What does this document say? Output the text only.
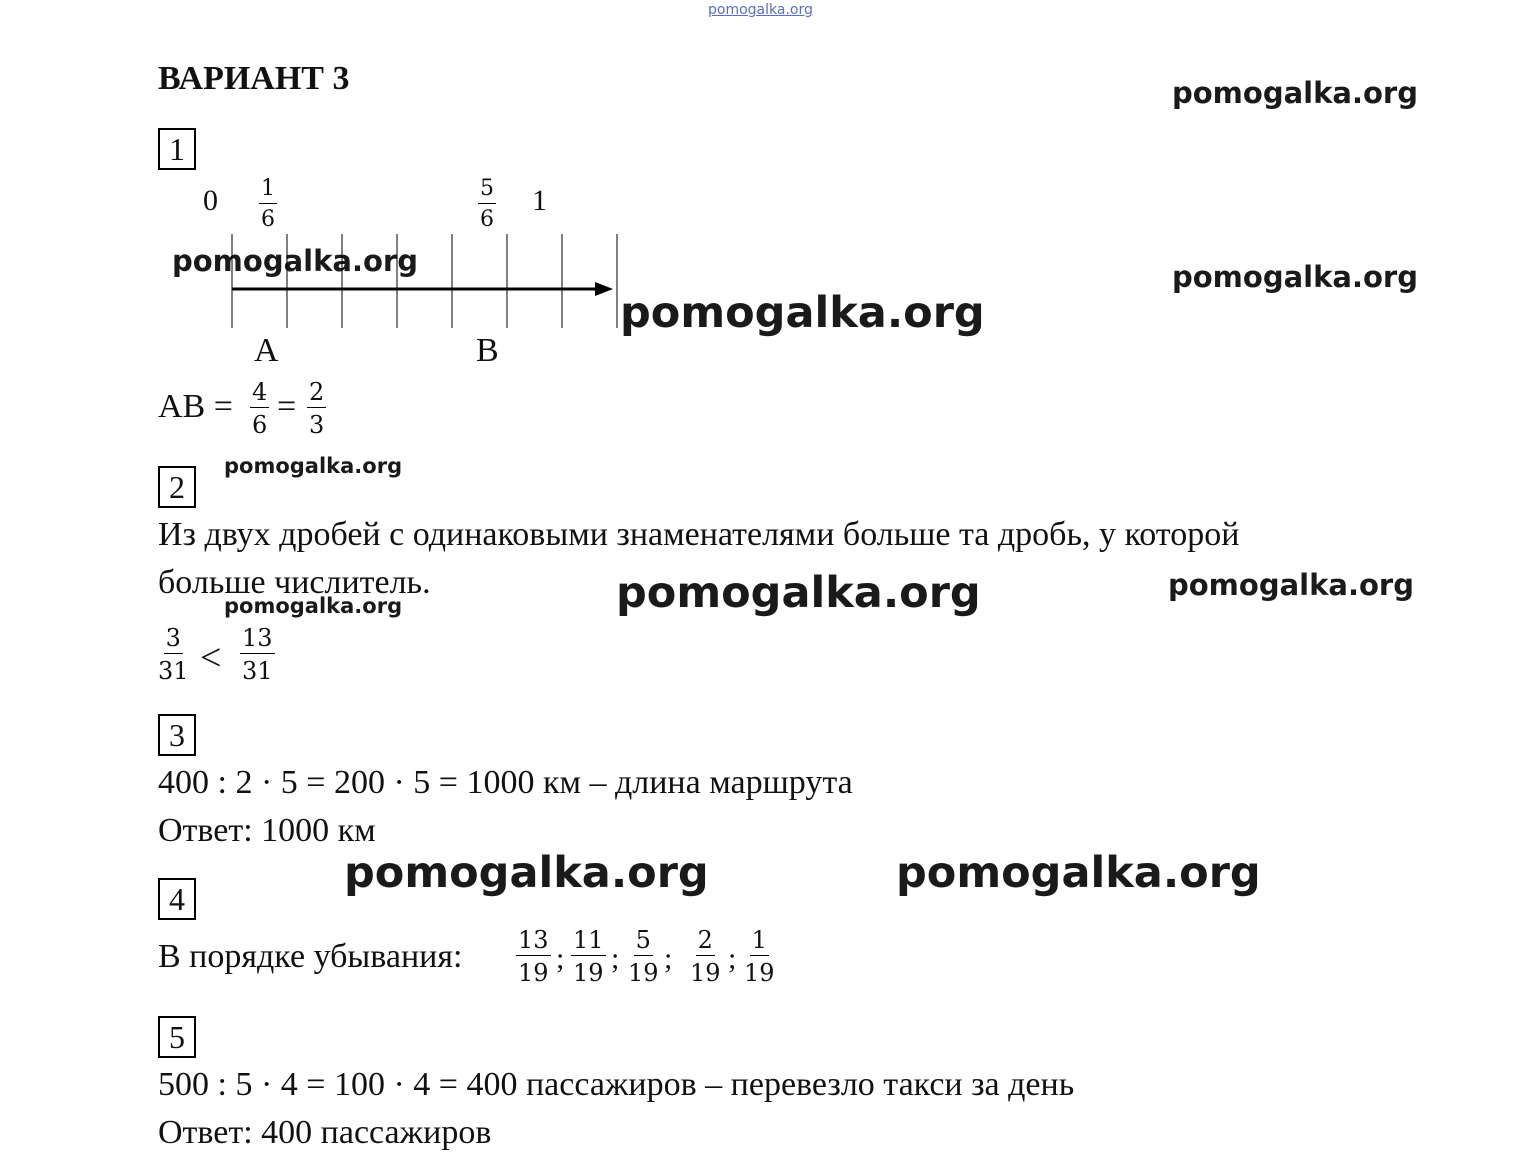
pomogalka.org
ВАРИАНТ 3	pomogalka.org
pomogalka.org
pomogalka.org
pomogalka.org
pomogalka.org
pomogalka.org	pomogalka.org
pomogalka.org
pomogalka.org	pomogalka.org
1
$0 \frac{1}{6}$	$\frac{5}{6} 1$
A	B
AB = $\frac{4}{6} = \frac{2}{3}$
2
Из двух дробей с одинаковыми знаменателями больше та дробь, у которой
больше числитель.
$\frac{3}{31} < \frac{13}{31}$
3
400 : 2 · 5 = 200 · 5 = 1000 км – длина маршрута
Ответ: 1000 км
4
В порядке убывания: $\frac{13}{19}$ ; $\frac{11}{19}$ ; $\frac{5}{19}$ ; $\frac{2}{19}$ ; $\frac{1}{19}$
5
500 : 5 · 4 = 100 · 4 = 400 пассажиров – перевезло такси за день
Ответ: 400 пассажиров
